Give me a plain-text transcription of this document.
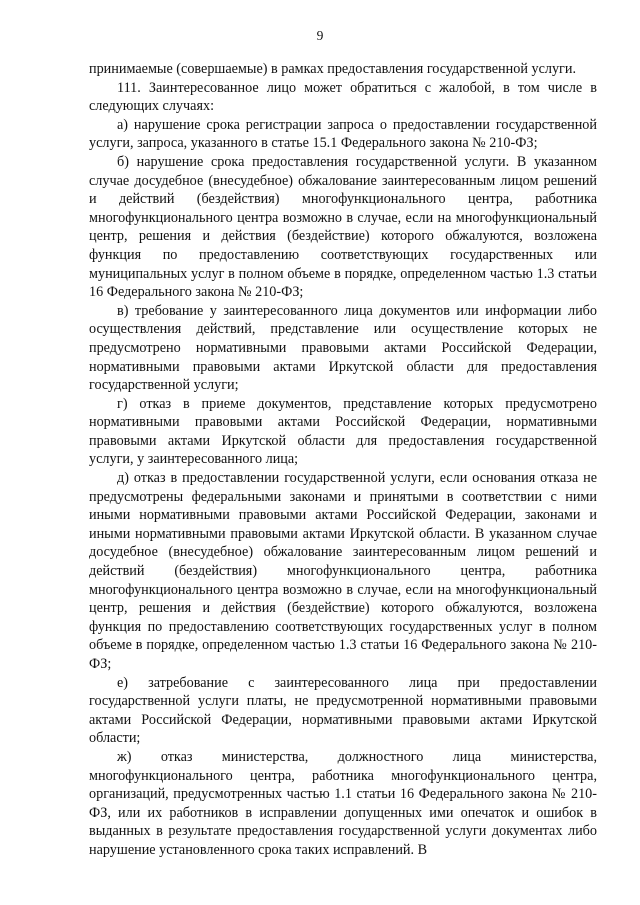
9

принимаемые (совершаемые) в рамках предоставления государственной услуги.

111. Заинтересованное лицо может обратиться с жалобой, в том числе в следующих случаях:

а) нарушение срока регистрации запроса о предоставлении государственной услуги, запроса, указанного в статье 15.1 Федерального закона № 210-ФЗ;

б) нарушение срока предоставления государственной услуги. В указанном случае досудебное (внесудебное) обжалование заинтересованным лицом решений и действий (бездействия) многофункционального центра, работника многофункционального центра возможно в случае, если на многофункциональный центр, решения и действия (бездействие) которого обжалуются, возложена функция по предоставлению соответствующих государственных или муниципальных услуг в полном объеме в порядке, определенном частью 1.3 статьи 16 Федерального закона № 210-ФЗ;

в) требование у заинтересованного лица документов или информации либо осуществления действий, представление или осуществление которых не предусмотрено нормативными правовыми актами Российской Федерации, нормативными правовыми актами Иркутской области для предоставления государственной услуги;

г) отказ в приеме документов, представление которых предусмотрено нормативными правовыми актами Российской Федерации, нормативными правовыми актами Иркутской области для предоставления государственной услуги, у заинтересованного лица;

д) отказ в предоставлении государственной услуги, если основания отказа не предусмотрены федеральными законами и принятыми в соответствии с ними иными нормативными правовыми актами Российской Федерации, законами и иными нормативными правовыми актами Иркутской области. В указанном случае досудебное (внесудебное) обжалование заинтересованным лицом решений и действий (бездействия) многофункционального центра, работника многофункционального центра возможно в случае, если на многофункциональный центр, решения и действия (бездействие) которого обжалуются, возложена функция по предоставлению соответствующих государственных услуг в полном объеме в порядке, определенном частью 1.3 статьи 16 Федерального закона № 210-ФЗ;

е) затребование с заинтересованного лица при предоставлении государственной услуги платы, не предусмотренной нормативными правовыми актами Российской Федерации, нормативными правовыми актами Иркутской области;

ж) отказ министерства, должностного лица министерства, многофункционального центра, работника многофункционального центра, организаций, предусмотренных частью 1.1 статьи 16 Федерального закона № 210-ФЗ, или их работников в исправлении допущенных ими опечаток и ошибок в выданных в результате предоставления государственной услуги документах либо нарушение установленного срока таких исправлений. В
